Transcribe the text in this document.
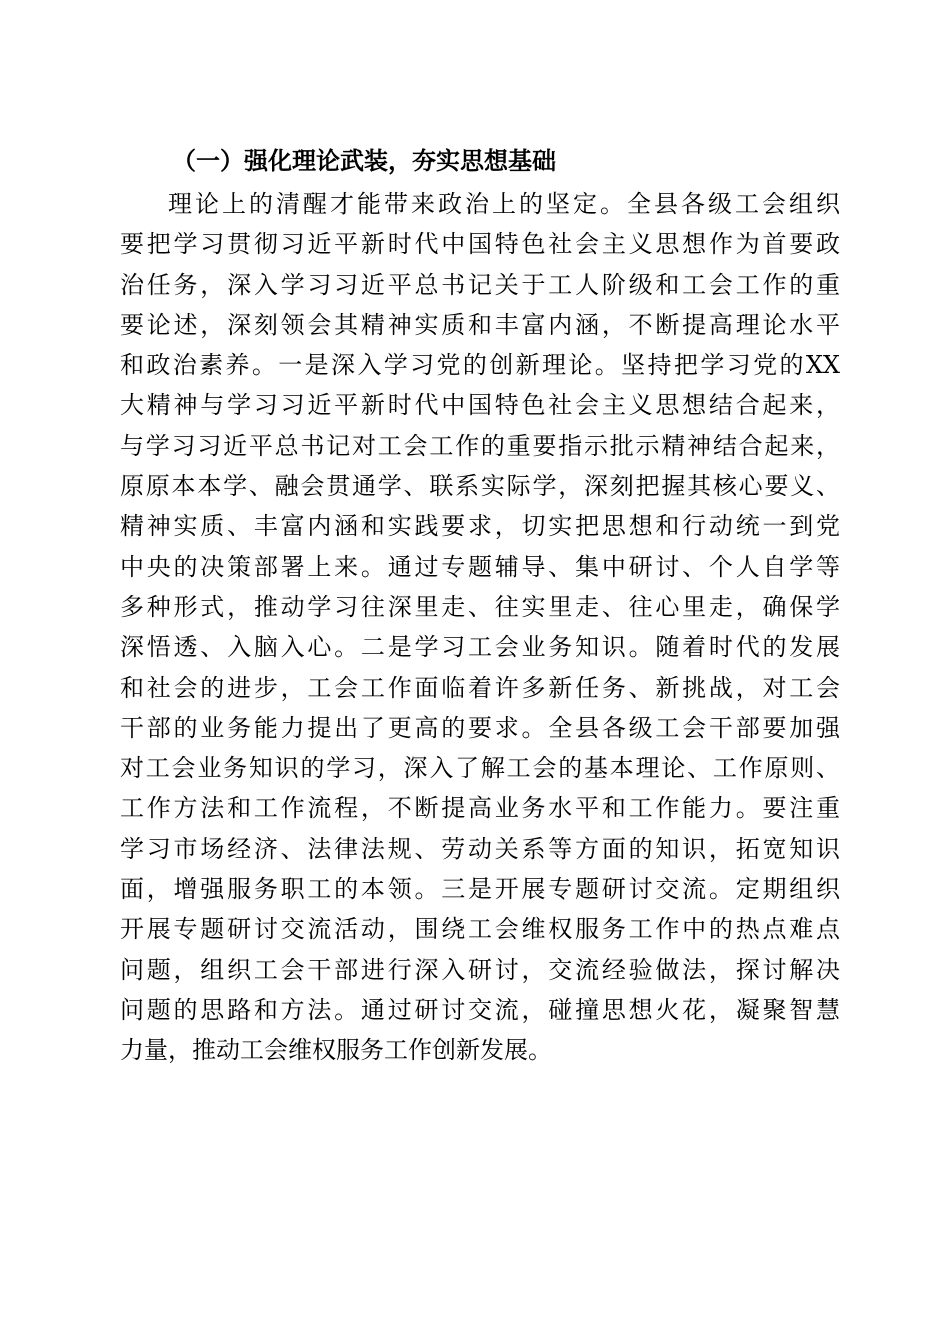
（一）强化理论武装，夯实思想基础
理论上的清醒才能带来政治上的坚定。全县各级工会组织
要把学习贯彻习近平新时代中国特色社会主义思想作为首要政
治任务，深入学习习近平总书记关于工人阶级和工会工作的重
要论述，深刻领会其精神实质和丰富内涵，不断提高理论水平
和政治素养。一是深入学习党的创新理论。坚持把学习党的XX
大精神与学习习近平新时代中国特色社会主义思想结合起来，
与学习习近平总书记对工会工作的重要指示批示精神结合起来，
原原本本学、融会贯通学、联系实际学，深刻把握其核心要义、
精神实质、丰富内涵和实践要求，切实把思想和行动统一到党
中央的决策部署上来。通过专题辅导、集中研讨、个人自学等
多种形式，推动学习往深里走、往实里走、往心里走，确保学
深悟透、入脑入心。二是学习工会业务知识。随着时代的发展
和社会的进步，工会工作面临着许多新任务、新挑战，对工会
干部的业务能力提出了更高的要求。全县各级工会干部要加强
对工会业务知识的学习，深入了解工会的基本理论、工作原则、
工作方法和工作流程，不断提高业务水平和工作能力。要注重
学习市场经济、法律法规、劳动关系等方面的知识，拓宽知识
面，增强服务职工的本领。三是开展专题研讨交流。定期组织
开展专题研讨交流活动，围绕工会维权服务工作中的热点难点
问题，组织工会干部进行深入研讨，交流经验做法，探讨解决
问题的思路和方法。通过研讨交流，碰撞思想火花，凝聚智慧
力量，推动工会维权服务工作创新发展。
